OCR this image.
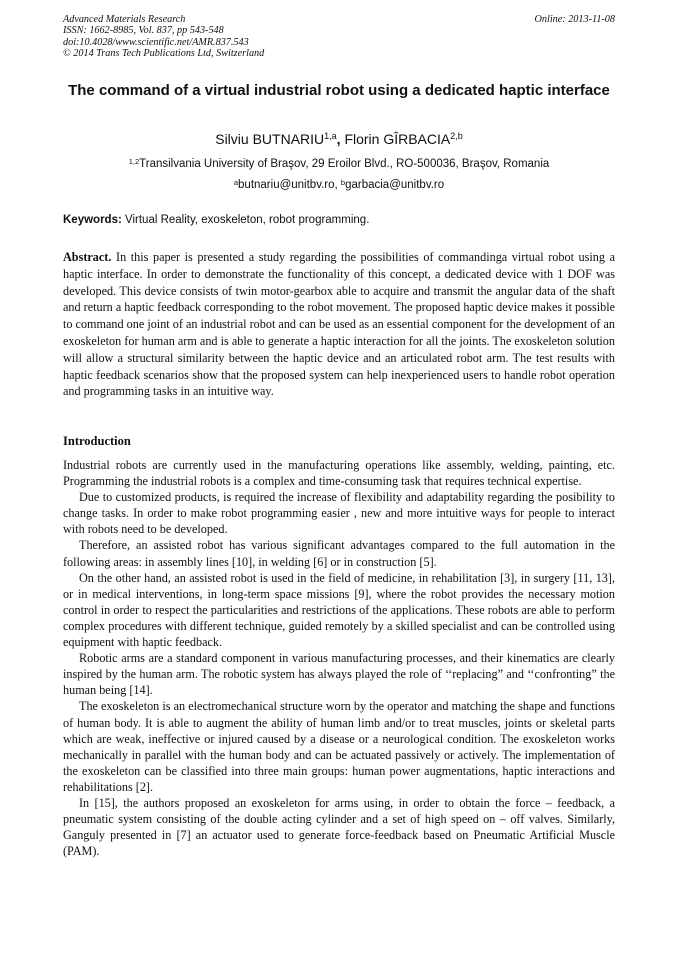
Advanced Materials Research
ISSN: 1662-8985, Vol. 837, pp 543-548
doi:10.4028/www.scientific.net/AMR.837.543
© 2014 Trans Tech Publications Ltd, Switzerland
Online: 2013-11-08
The command of a virtual industrial robot using a dedicated haptic interface
Silviu BUTNARIU$^{1,a}$, Florin GÎRBACIA$^{2,b}$
$^{1,2}$Transilvania University of Braşov, 29 Eroilor Blvd., RO-500036, Braşov, Romania
$^a$butnariu@unitbv.ro, $^b$garbacia@unitbv.ro
Keywords: Virtual Reality, exoskeleton, robot programming.

Abstract. In this paper is presented a study regarding the possibilities of commandinga virtual robot using a haptic interface. In order to demonstrate the functionality of this concept, a dedicated device with 1 DOF was developed. This device consists of twin motor-gearbox able to acquire and transmit the angular data of the shaft and return a haptic feedback corresponding to the robot movement. The proposed haptic device makes it possible to command one joint of an industrial robot and can be used as an essential component for the development of an exoskeleton for human arm and is able to generate a haptic interaction for all the joints. The exoskeleton solution will allow a structural similarity between the haptic device and an articulated robot arm. The test results with haptic feedback scenarios show that the proposed system can help inexperienced users to handle robot operation and programming tasks in an intuitive way.

Introduction

Industrial robots are currently used in the manufacturing operations like assembly, welding, painting, etc. Programming the industrial robots is a complex and time-consuming task that requires technical expertise.

Due to customized products, is required the increase of flexibility and adaptability regarding the posibility to change tasks. In order to make robot programming easier , new and more intuitive ways for people to interact with robots need to be developed.

Therefore, an assisted robot has various significant advantages compared to the full automation in the following areas: in assembly lines [10], in welding [6] or in construction [5].

On the other hand, an assisted robot is used in the field of medicine, in rehabilitation [3], in surgery [11, 13], or in medical interventions, in long-term space missions [9], where the robot provides the necessary motion control in order to respect the particularities and restrictions of the applications. These robots are able to perform complex procedures with different technique, guided remotely by a skilled specialist and can be controlled using equipment with haptic feedback.

Robotic arms are a standard component in various manufacturing processes, and their kinematics are clearly inspired by the human arm. The robotic system has always played the role of ‘‘replacing” and ‘‘confronting” the human being [14].

The exoskeleton is an electromechanical structure worn by the operator and matching the shape and functions of human body. It is able to augment the ability of human limb and/or to treat muscles, joints or skeletal parts which are weak, ineffective or injured caused by a disease or a neurological condition. The exoskeleton works mechanically in parallel with the human body and can be actuated passively or actively. The implementation of the exoskeleton can be classified into three main groups: human power augmentations, haptic interactions and rehabilitations [2].

In [15], the authors proposed an exoskeleton for arms using, in order to obtain the force – feedback, a pneumatic system consisting of the double acting cylinder and a set of high speed on – off valves. Similarly, Ganguly presented in [7] an actuator used to generate force-feedback based on Pneumatic Artificial Muscle (PAM).
